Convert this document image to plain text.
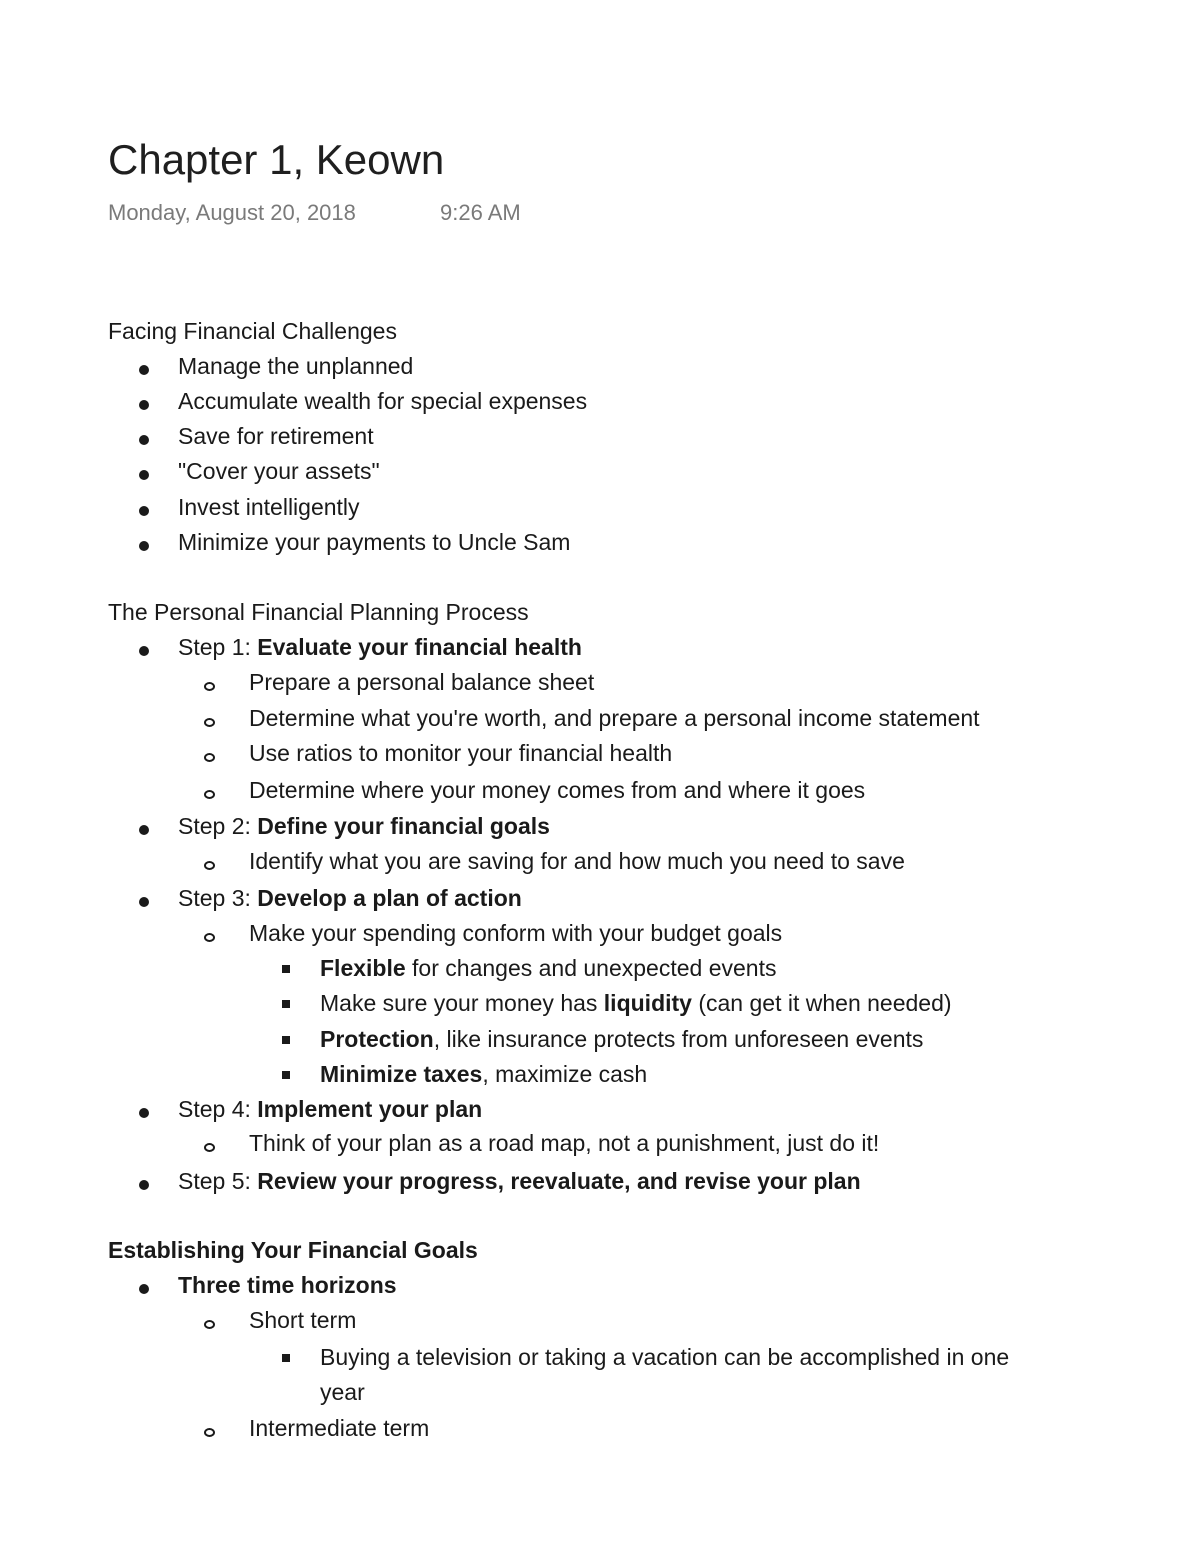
Chapter 1, Keown
Monday, August 20, 2018	9:26 AM
Facing Financial Challenges
Manage the unplanned
Accumulate wealth for special expenses
Save for retirement
"Cover your assets"
Invest intelligently
Minimize your payments to Uncle Sam
The Personal Financial Planning Process
Step 1: Evaluate your financial health
Prepare a personal balance sheet
Determine what you're worth, and prepare a personal income statement
Use ratios to monitor your financial health
Determine where your money comes from and where it goes
Step 2: Define your financial goals
Identify what you are saving for and how much you need to save
Step 3: Develop a plan of action
Make your spending conform with your budget goals
Flexible for changes and unexpected events
Make sure your money has liquidity (can get it when needed)
Protection, like insurance protects from unforeseen events
Minimize taxes, maximize cash
Step 4: Implement your plan
Think of your plan as a road map, not a punishment, just do it!
Step 5: Review your progress, reevaluate, and revise your plan
Establishing Your Financial Goals
Three time horizons
Short term
Buying a television or taking a vacation can be accomplished in one
year
Intermediate term
